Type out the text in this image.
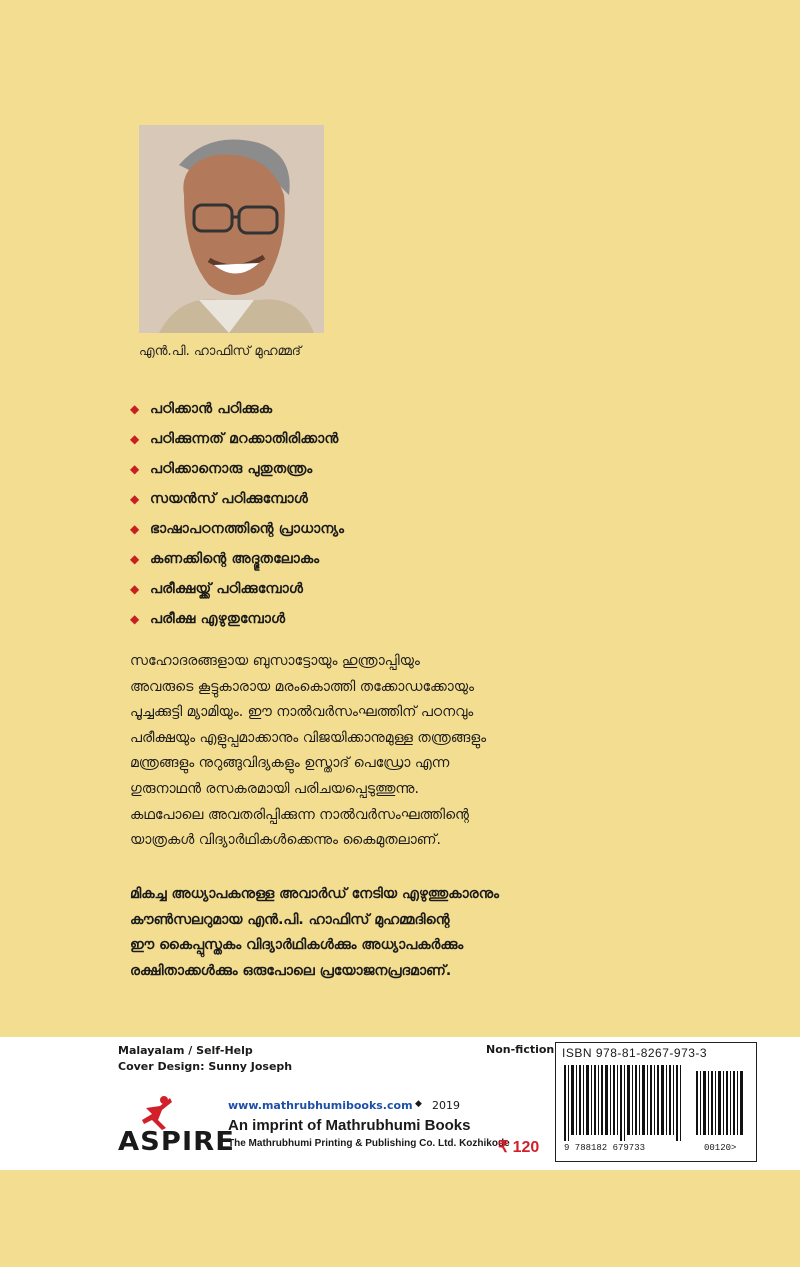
എൻ.പി. ഹാഫിസ് മുഹമ്മദ്
◆ പഠിക്കാൻ പഠിക്കുക
◆ പഠിക്കുന്നത് മറക്കാതിരിക്കാൻ
◆ പഠിക്കാനൊരു പുതുതന്ത്രം
◆ സയൻസ് പഠിക്കുമ്പോൾ
◆ ഭാഷാപഠനത്തിന്റെ പ്രാധാന്യം
◆ കണക്കിന്റെ അദ്ഭുതലോകം
◆ പരീക്ഷയ്ക്ക് പഠിക്കുമ്പോൾ
◆ പരീക്ഷ എഴുതുമ്പോൾ
സഹോദരങ്ങളായ ബുസാട്ടോയും ഹുന്ത്രാപ്പിയും
അവരുടെ കൂട്ടുകാരായ മരംകൊത്തി തക്കോഡക്കോയും
പൂച്ചക്കുട്ടി മ്യാമിയും. ഈ നാൽവർസംഘത്തിന് പഠനവും
പരീക്ഷയും എളുപ്പമാക്കാനും വിജയിക്കാനുമുള്ള തന്ത്രങ്ങളും
മന്ത്രങ്ങളും നുറുങ്ങുവിദ്യകളും ഉസ്താദ് പെഡ്രോ എന്ന
ഗുരുനാഥൻ രസകരമായി പരിചയപ്പെടുത്തുന്നു.
കഥപോലെ അവതരിപ്പിക്കുന്ന നാൽവർസംഘത്തിന്റെ
യാത്രകൾ വിദ്യാർഥികൾക്കെന്നും കൈമുതലാണ്.
മികച്ച അധ്യാപകനുള്ള അവാർഡ് നേടിയ എഴുത്തുകാരനും
കൗൺസലറുമായ എൻ.പി. ഹാഫിസ് മുഹമ്മദിന്റെ
ഈ കൈപ്പുസ്തകം വിദ്യാർഥികൾക്കും അധ്യാപകർക്കും
രക്ഷിതാക്കൾക്കും ഒരുപോലെ പ്രയോജനപ്രദമാണ്.
Malayalam / Self-Help
Cover Design: Sunny Joseph
Non-fiction
ASPIRE
www.mathrubhumibooks.com ◆ 2019
An imprint of Mathrubhumi Books
The Mathrubhumi Printing & Publishing Co. Ltd. Kozhikode
₹ 120
ISBN 978-81-8267-973-3
9 788182 679733	00120>
